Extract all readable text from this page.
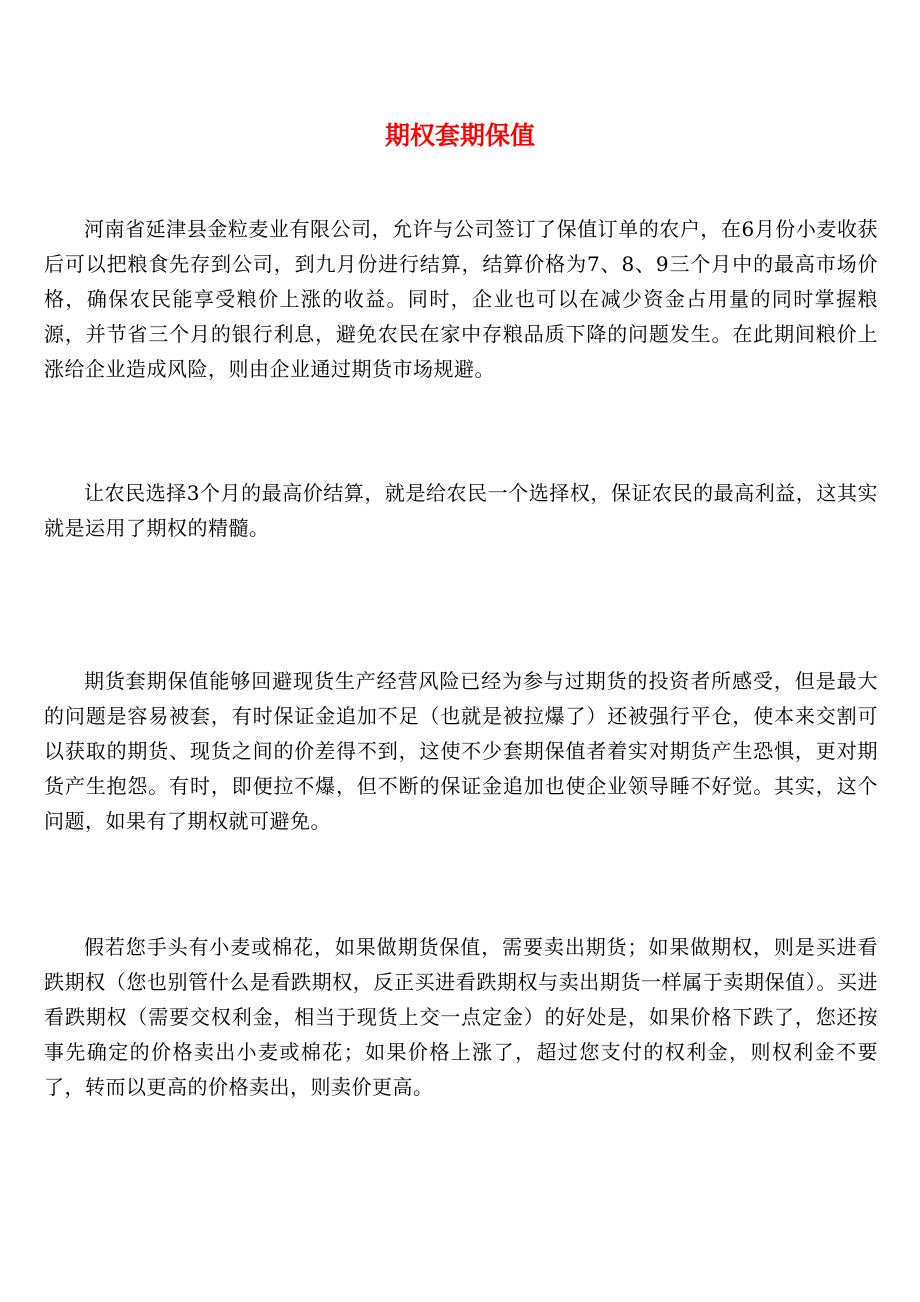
期权套期保值

河南省延津县金粒麦业有限公司，允许与公司签订了保值订单的农户，在6月份小麦收获后可以把粮食先存到公司，到九月份进行结算，结算价格为7、8、9三个月中的最高市场价格，确保农民能享受粮价上涨的收益。同时，企业也可以在减少资金占用量的同时掌握粮源，并节省三个月的银行利息，避免农民在家中存粮品质下降的问题发生。在此期间粮价上涨给企业造成风险，则由企业通过期货市场规避。

让农民选择3个月的最高价结算，就是给农民一个选择权，保证农民的最高利益，这其实就是运用了期权的精髓。

期货套期保值能够回避现货生产经营风险已经为参与过期货的投资者所感受，但是最大的问题是容易被套，有时保证金追加不足（也就是被拉爆了）还被强行平仓，使本来交割可以获取的期货、现货之间的价差得不到，这使不少套期保值者着实对期货产生恐惧，更对期货产生抱怨。有时，即便拉不爆，但不断的保证金追加也使企业领导睡不好觉。其实，这个问题，如果有了期权就可避免。

假若您手头有小麦或棉花，如果做期货保值，需要卖出期货；如果做期权，则是买进看跌期权（您也别管什么是看跌期权，反正买进看跌期权与卖出期货一样属于卖期保值）。买进看跌期权（需要交权利金，相当于现货上交一点定金）的好处是，如果价格下跌了，您还按事先确定的价格卖出小麦或棉花；如果价格上涨了，超过您支付的权利金，则权利金不要了，转而以更高的价格卖出，则卖价更高。
